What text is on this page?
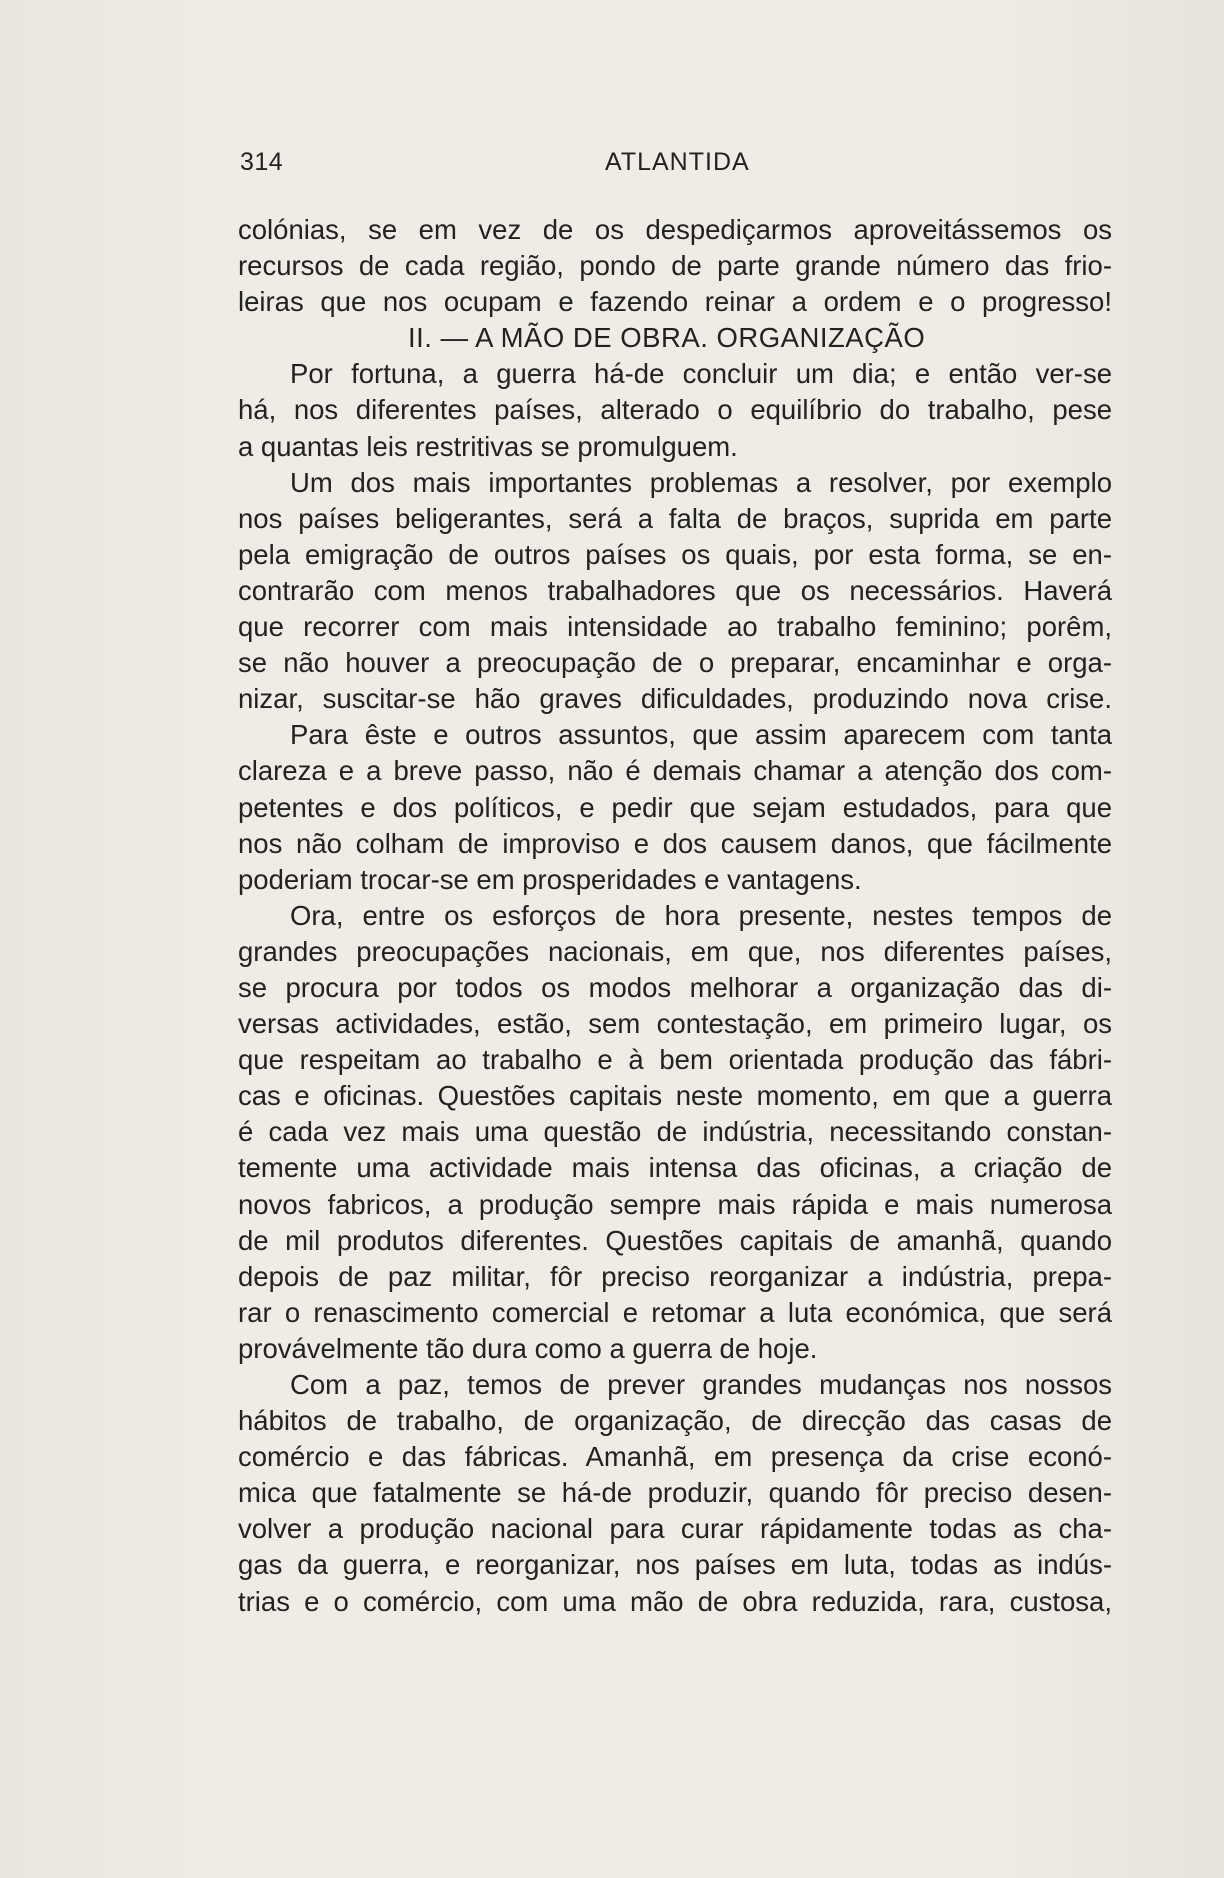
314	ATLANTIDA
colónias, se em vez de os despediçarmos aproveitássemos os
recursos de cada região, pondo de parte grande número das frio-
leiras que nos ocupam e fazendo reinar a ordem e o progresso!
II. — A MÃO DE OBRA. ORGANIZAÇÃO
Por fortuna, a guerra há-de concluir um dia; e então ver-se
há, nos diferentes países, alterado o equilíbrio do trabalho, pese
a quantas leis restritivas se promulguem.
Um dos mais importantes problemas a resolver, por exemplo
nos países beligerantes, será a falta de braços, suprida em parte
pela emigração de outros países os quais, por esta forma, se en-
contrarão com menos trabalhadores que os necessários. Haverá
que recorrer com mais intensidade ao trabalho feminino; porêm,
se não houver a preocupação de o preparar, encaminhar e orga-
nizar, suscitar-se hão graves dificuldades, produzindo nova crise.
Para êste e outros assuntos, que assim aparecem com tanta
clareza e a breve passo, não é demais chamar a atenção dos com-
petentes e dos políticos, e pedir que sejam estudados, para que
nos não colham de improviso e dos causem danos, que fácilmente
poderiam trocar-se em prosperidades e vantagens.
Ora, entre os esforços de hora presente, nestes tempos de
grandes preocupações nacionais, em que, nos diferentes países,
se procura por todos os modos melhorar a organização das di-
versas actividades, estão, sem contestação, em primeiro lugar, os
que respeitam ao trabalho e à bem orientada produção das fábri-
cas e oficinas. Questões capitais neste momento, em que a guerra
é cada vez mais uma questão de indústria, necessitando constan-
temente uma actividade mais intensa das oficinas, a criação de
novos fabricos, a produção sempre mais rápida e mais numerosa
de mil produtos diferentes. Questões capitais de amanhã, quando
depois de paz militar, fôr preciso reorganizar a indústria, prepa-
rar o renascimento comercial e retomar a luta económica, que será
provávelmente tão dura como a guerra de hoje.
Com a paz, temos de prever grandes mudanças nos nossos
hábitos de trabalho, de organização, de direcção das casas de
comércio e das fábricas. Amanhã, em presença da crise econó-
mica que fatalmente se há-de produzir, quando fôr preciso desen-
volver a produção nacional para curar rápidamente todas as cha-
gas da guerra, e reorganizar, nos países em luta, todas as indús-
trias e o comércio, com uma mão de obra reduzida, rara, custosa,
